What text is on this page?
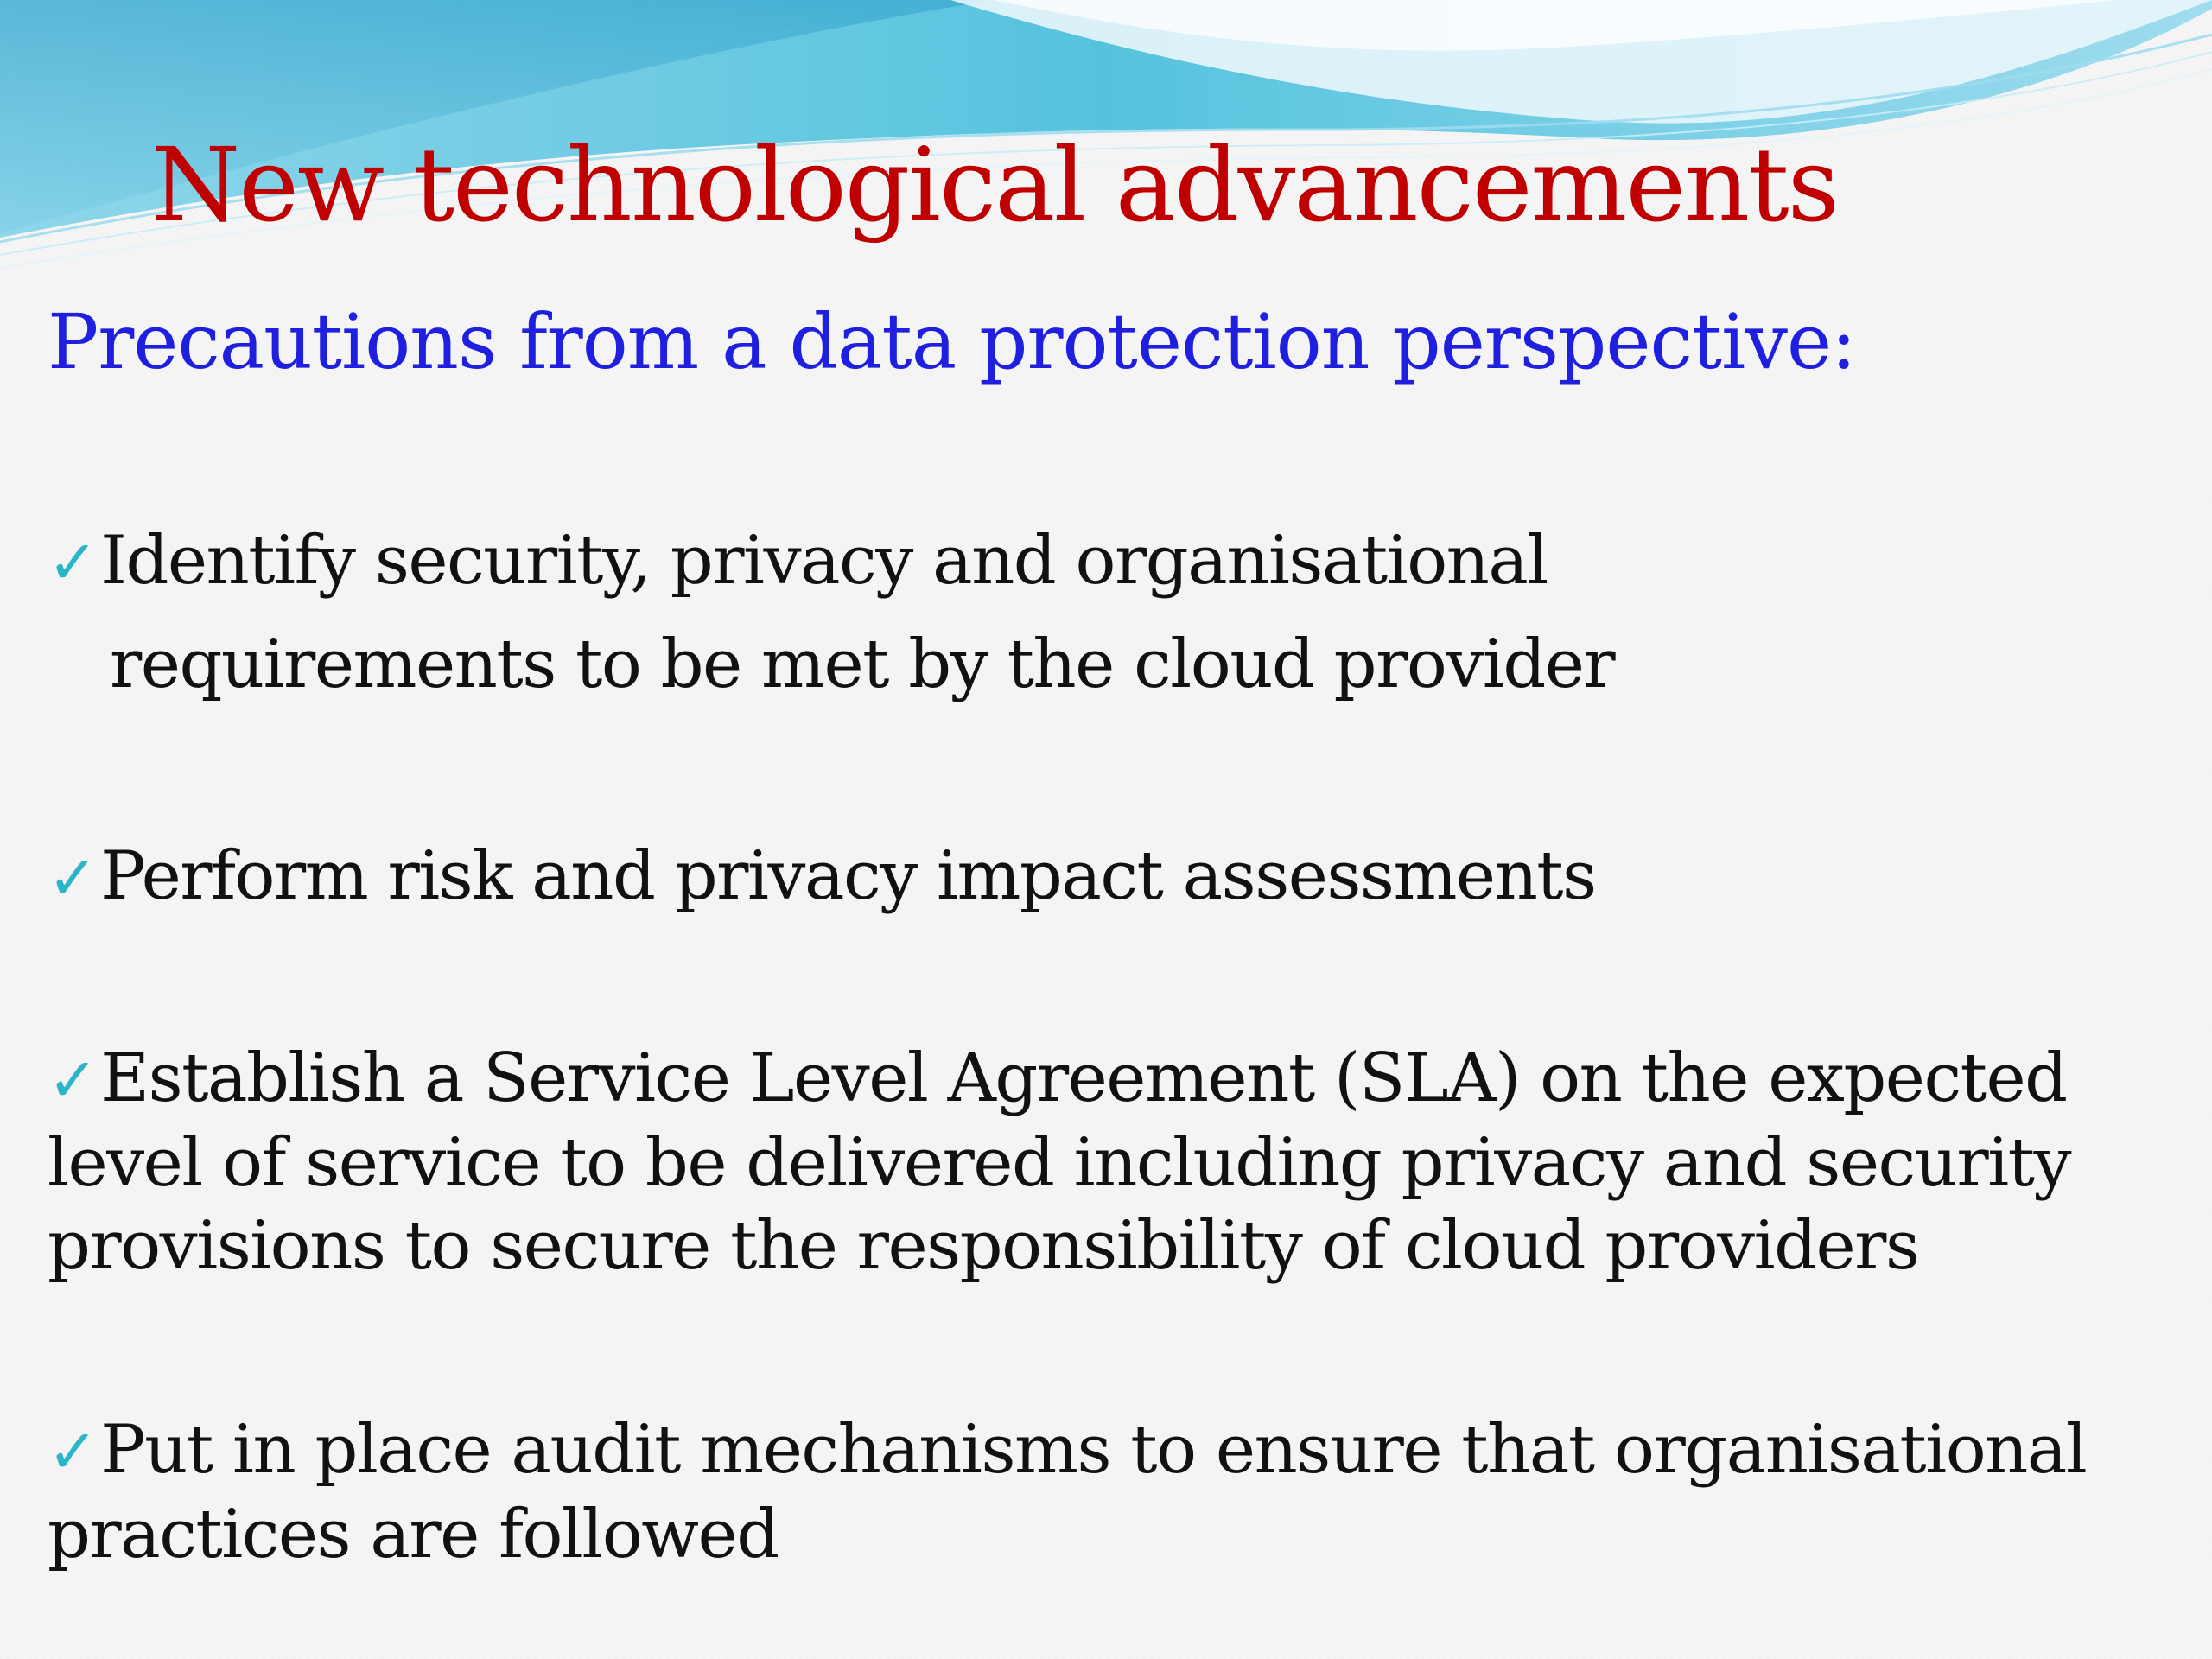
New technological advancements
Precautions from a data protection perspective:
✓Identify security, privacy and organisational requirements to be met by the cloud provider
✓Perform risk and privacy impact assessments
✓Establish a Service Level Agreement (SLA) on the expected level of service to be delivered including privacy and security provisions to secure the responsibility of cloud providers
✓Put in place audit mechanisms to ensure that organisational practices are followed
